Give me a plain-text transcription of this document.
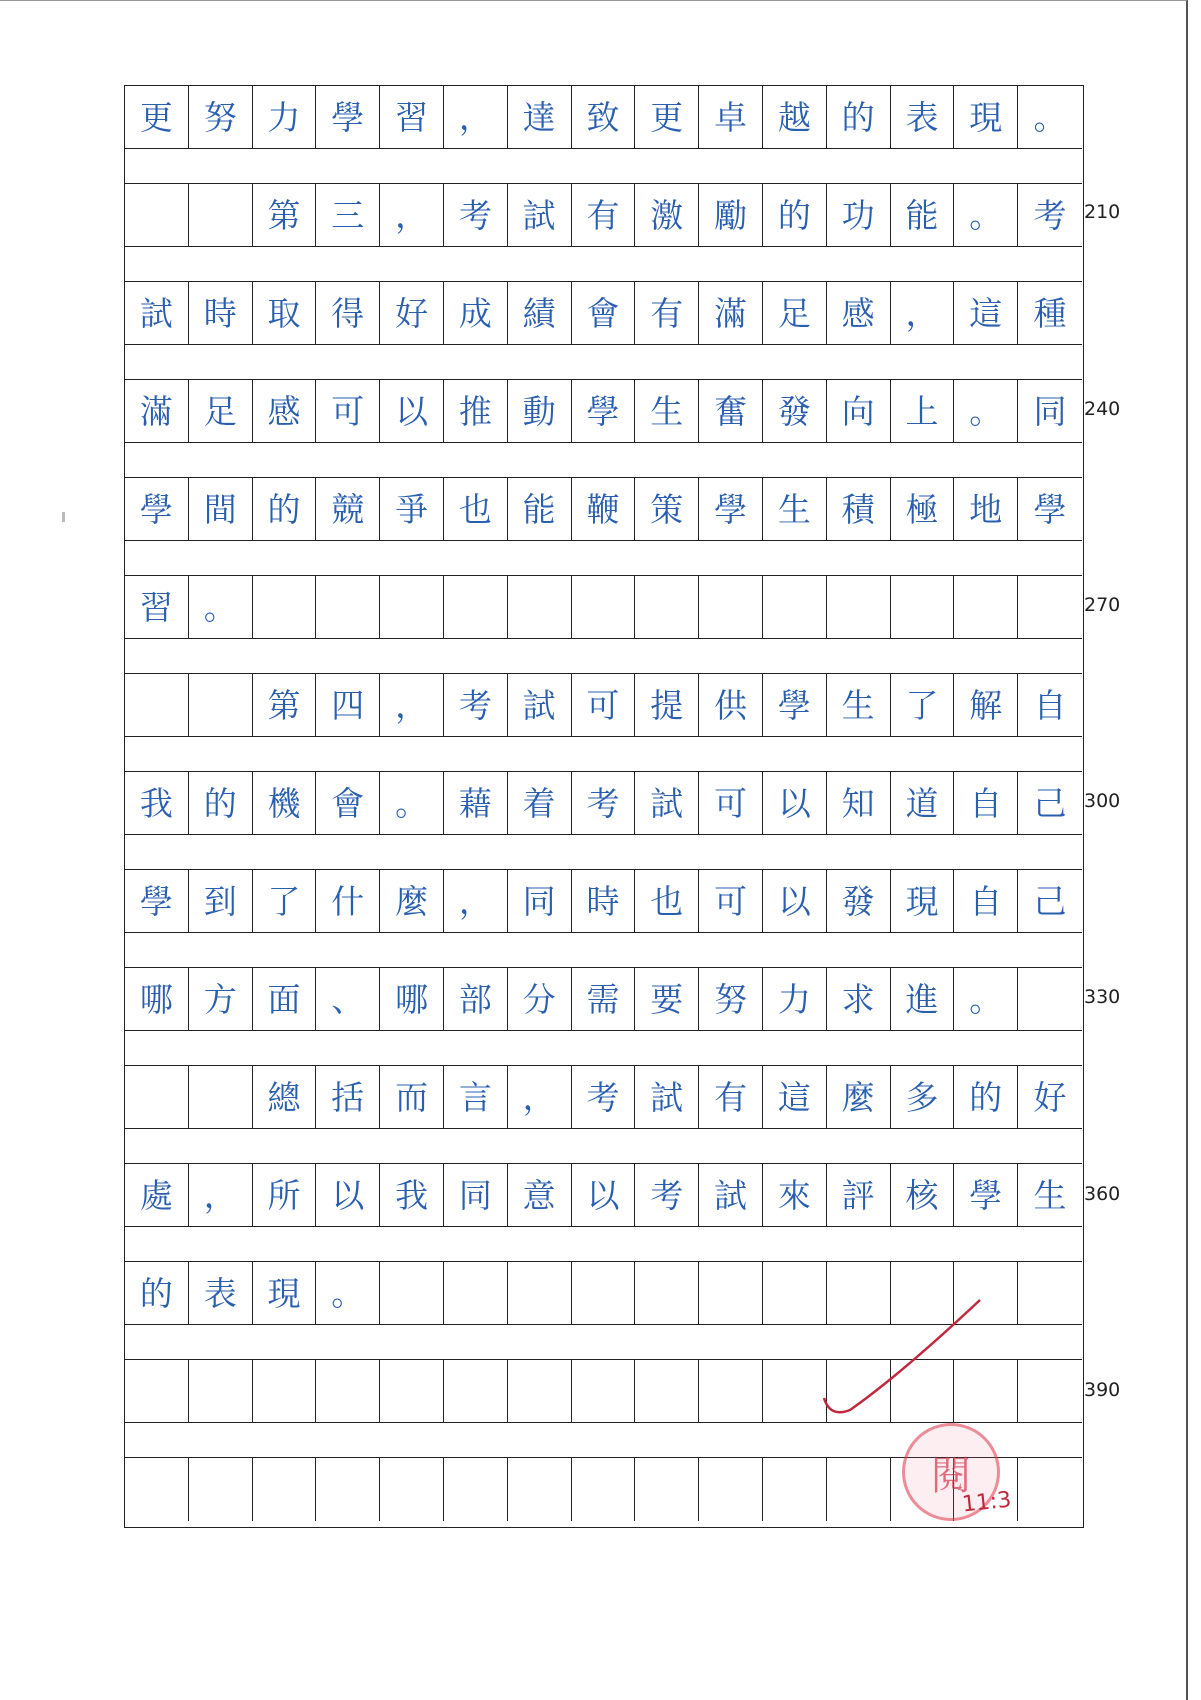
更 努 力 學 習 ， 達 致 更 卓 越 的 表 現 。
第 三 ， 考 試 有 激 勵 的 功 能 。 考
試 時 取 得 好 成 績 會 有 滿 足 感 ， 這 種
滿 足 感 可 以 推 動 學 生 奮 發 向 上 。 同
學 間 的 競 爭 也 能 鞭 策 學 生 積 極 地 學
習 。
第 四 ， 考 試 可 提 供 學 生 了 解 自
我 的 機 會 。 藉 着 考 試 可 以 知 道 自 己
學 到 了 什 麼 ， 同 時 也 可 以 發 現 自 己
哪 方 面 、 哪 部 分 需 要 努 力 求 進 。
總 括 而 言 ， 考 試 有 這 麼 多 的 好
處 ， 所 以 我 同 意 以 考 試 來 評 核 學 生
的 表 現 。
210
240
270
300
330
360
390
閱
11:3
